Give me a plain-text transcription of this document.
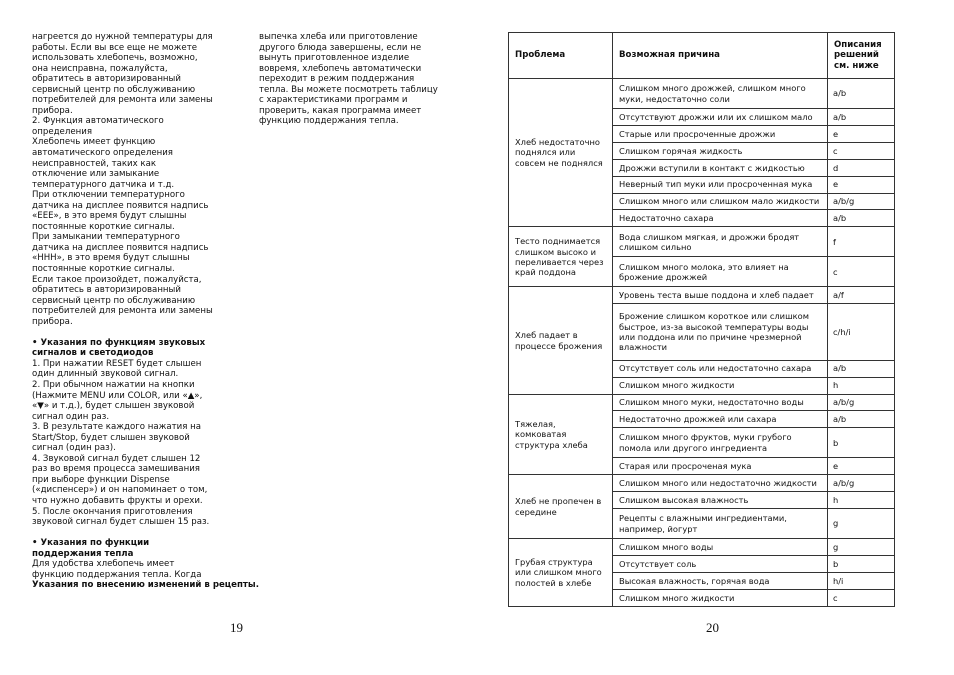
нагреется до нужной температуры для

работы. Если вы все еще не можете

использовать хлебопечь, возможно,

она неисправна, пожалуйста,

обратитесь в авторизированный

сервисный центр по обслуживанию

потребителей для ремонта или замены

прибора.

2. Функция автоматического

определения

Хлебопечь имеет функцию

автоматического определения

неисправностей, таких как

отключение или замыкание

температурного датчика и т.д.

При отключении температурного

датчика на дисплее появится надпись

«EEE», в это время будут слышны

постоянные короткие сигналы.

При замыкании температурного

датчика на дисплее появится надпись

«HHH», в это время будут слышны

постоянные короткие сигналы.

Если такое произойдет, пожалуйста,

обратитесь в авторизированный

сервисный центр по обслуживанию

потребителей для ремонта или замены

прибора.

• Указания по функциям звуковых

сигналов и светодиодов

1. При нажатии RESET будет слышен

один длинный звуковой сигнал.

2. При обычном нажатии на кнопки

(Нажмите MENU или COLOR, или «▲»,

«▼» и т.д.), будет слышен звуковой

сигнал один раз.

3. В результате каждого нажатия на

Start/Stop, будет слышен звуковой

сигнал (один раз).

4. Звуковой сигнал будет слышен 12

раз во время процесса замешивания

при выборе функции Dispense

(«диспенсер») и он напоминает о том,

что нужно добавить фрукты и орехи.

5. После окончания приготовления

звуковой сигнал будет слышен 15 раз.

• Указания по функции

поддержания тепла

Для удобства хлебопечь имеет

функцию поддержания тепла. Когда

Указания по внесению изменений в рецепты.

выпечка хлеба или приготовление

другого блюда завершены, если не

вынуть приготовленное изделие

вовремя, хлебопечь автоматически

переходит в режим поддержания

тепла. Вы можете посмотреть таблицу

с характеристиками программ и

проверить, какая программа имеет

функцию поддержания тепла.

19
Проблема	Возможная причина	Описания решений см. ниже
Хлеб недостаточно поднялся или совсем не поднялся	Слишком много дрожжей, слишком много муки, недостаточно соли	a/b
	Отсутствуют дрожжи или их слишком мало	a/b
	Старые или просроченные дрожжи	e
	Слишком горячая жидкость	c
	Дрожжи вступили в контакт с жидкостью	d
	Неверный тип муки или просроченная мука	e
	Слишком много или слишком мало жидкости	a/b/g
	Недостаточно сахара	a/b
Тесто поднимается слишком высоко и переливается через край поддона	Вода слишком мягкая, и дрожжи бродят слишком сильно	f
	Слишком много молока, это влияет на брожение дрожжей	c
Хлеб падает в процессе брожения	Уровень теста выше поддона и хлеб падает	a/f
	Брожение слишком короткое или слишком быстрое, из-за высокой температуры воды или поддона или по причине чрезмерной влажности	c/h/i
	Отсутствует соль или недостаточно сахара	a/b
	Слишком много жидкости	h
Тяжелая, комковатая структура хлеба	Слишком много муки, недостаточно воды	a/b/g
	Недостаточно дрожжей или сахара	a/b
	Слишком много фруктов, муки грубого помола или другого ингредиента	b
	Старая или просроченая мука	e
Хлеб не пропечен в середине	Слишком много или недостаточно жидкости	a/b/g
	Слишком высокая влажность	h
	Рецепты с влажными ингредиентами, например, йогурт	g
Грубая структура или слишком много полостей в хлебе	Слишком много воды	g
	Отсутствует соль	b
	Высокая влажность, горячая вода	h/i
	Слишком много жидкости	c
20
